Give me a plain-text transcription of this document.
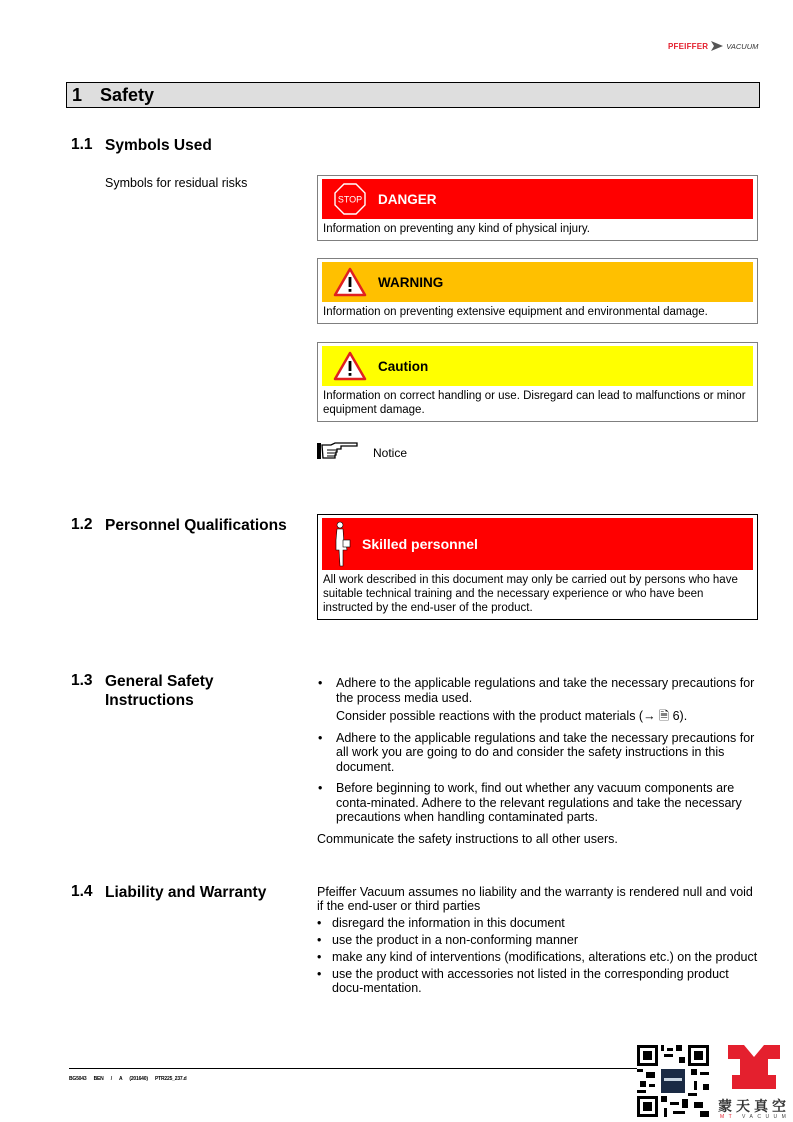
PFEIFFER VACUUM
1 Safety
1.1 Symbols Used
Symbols for residual risks
STOP DANGER
Information on preventing any kind of physical injury.
WARNING
Information on preventing extensive equipment and environmental damage.
Caution
Information on correct handling or use. Disregard can lead to malfunctions or minor equipment damage.
Notice
1.2 Personnel Qualifications
Skilled personnel
All work described in this document may only be carried out by persons who have suitable technical training and the necessary experience or who have been instructed by the end-user of the product.
1.3 General Safety Instructions
•	Adhere to the applicable regulations and take the necessary precautions for the process media used.
Consider possible reactions with the product materials (→ 🗎 6).
•	Adhere to the applicable regulations and take the necessary precautions for all work you are going to do and consider the safety instructions in this document.
•	Before beginning to work, find out whether any vacuum components are conta-minated. Adhere to the relevant regulations and take the necessary precautions when handling contaminated parts.
Communicate the safety instructions to all other users.
1.4 Liability and Warranty	Pfeiffer Vacuum assumes no liability and the warranty is rendered null and void if the end-user or third parties
• disregard the information in this document
• use the product in a non-conforming manner
• make any kind of interventions (modifications, alterations etc.) on the product
• use the product with accessories not listed in the corresponding product docu-mentation.
BG5043 BEN / A (201640) PTR225_237.d
蒙天真空
MT VACUUM
